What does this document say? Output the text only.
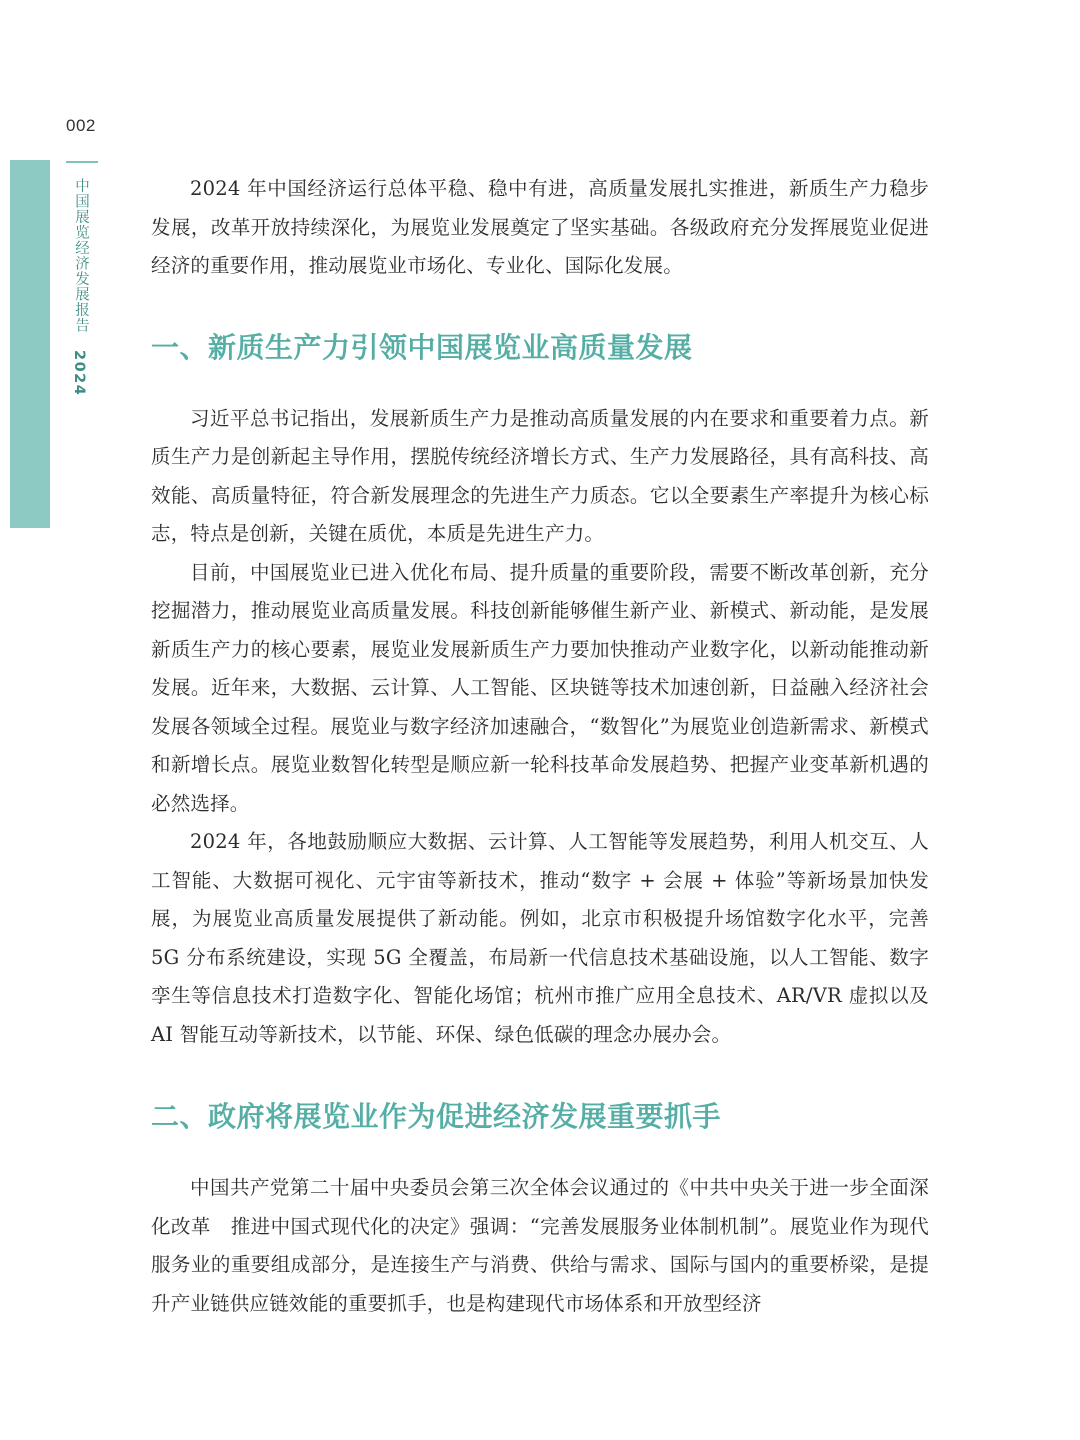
002
中国展览经济发展报告
2024

2024 年中国经济运行总体平稳、稳中有进，高质量发展扎实推进，新质生产力稳步发展，改革开放持续深化，为展览业发展奠定了坚实基础。各级政府充分发挥展览业促进经济的重要作用，推动展览业市场化、专业化、国际化发展。

一、新质生产力引领中国展览业高质量发展

习近平总书记指出，发展新质生产力是推动高质量发展的内在要求和重要着力点。新质生产力是创新起主导作用，摆脱传统经济增长方式、生产力发展路径，具有高科技、高效能、高质量特征，符合新发展理念的先进生产力质态。它以全要素生产率提升为核心标志，特点是创新，关键在质优，本质是先进生产力。

目前，中国展览业已进入优化布局、提升质量的重要阶段，需要不断改革创新，充分挖掘潜力，推动展览业高质量发展。科技创新能够催生新产业、新模式、新动能，是发展新质生产力的核心要素，展览业发展新质生产力要加快推动产业数字化，以新动能推动新发展。近年来，大数据、云计算、人工智能、区块链等技术加速创新，日益融入经济社会发展各领域全过程。展览业与数字经济加速融合，“数智化”为展览业创造新需求、新模式和新增长点。展览业数智化转型是顺应新一轮科技革命发展趋势、把握产业变革新机遇的必然选择。

2024 年，各地鼓励顺应大数据、云计算、人工智能等发展趋势，利用人机交互、人工智能、大数据可视化、元宇宙等新技术，推动“数字 + 会展 + 体验”等新场景加快发展，为展览业高质量发展提供了新动能。例如，北京市积极提升场馆数字化水平，完善 5G 分布系统建设，实现 5G 全覆盖，布局新一代信息技术基础设施，以人工智能、数字孪生等信息技术打造数字化、智能化场馆；杭州市推广应用全息技术、AR/VR 虚拟以及 AI 智能互动等新技术，以节能、环保、绿色低碳的理念办展办会。

二、政府将展览业作为促进经济发展重要抓手

中国共产党第二十届中央委员会第三次全体会议通过的《中共中央关于进一步全面深化改革　推进中国式现代化的决定》强调：“完善发展服务业体制机制”。展览业作为现代服务业的重要组成部分，是连接生产与消费、供给与需求、国际与国内的重要桥梁，是提升产业链供应链效能的重要抓手，也是构建现代市场体系和开放型经济
